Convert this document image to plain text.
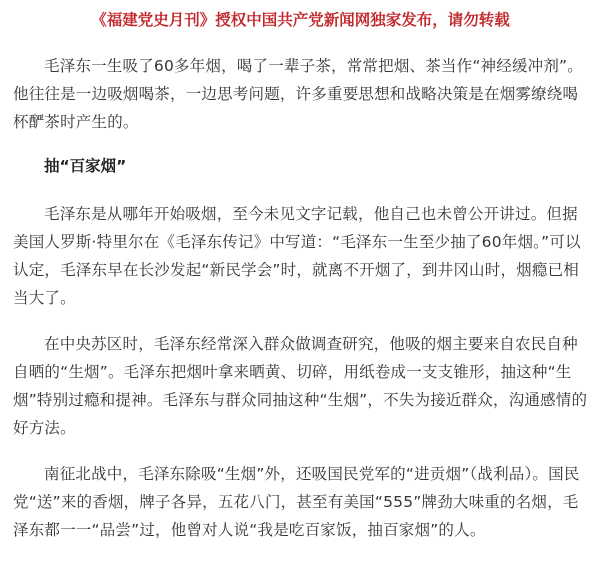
《福建党史月刊》授权中国共产党新闻网独家发布，请勿转载

毛泽东一生吸了60多年烟，喝了一辈子茶，常常把烟、茶当作“神经缓冲剂”。他往往是一边吸烟喝茶，一边思考问题，许多重要思想和战略决策是在烟雾缭绕喝杯酽茶时产生的。

抽“百家烟”

毛泽东是从哪年开始吸烟，至今未见文字记载，他自己也未曾公开讲过。但据美国人罗斯·特里尔在《毛泽东传记》中写道：“毛泽东一生至少抽了60年烟。”可以认定，毛泽东早在长沙发起“新民学会”时，就离不开烟了，到井冈山时，烟瘾已相当大了。

在中央苏区时，毛泽东经常深入群众做调查研究，他吸的烟主要来自农民自种自晒的“生烟”。毛泽东把烟叶拿来晒黄、切碎，用纸卷成一支支锥形，抽这种“生烟”特别过瘾和提神。毛泽东与群众同抽这种“生烟”，不失为接近群众，沟通感情的好方法。

南征北战中，毛泽东除吸“生烟”外，还吸国民党军的“进贡烟”（战利品）。国民党“送”来的香烟，牌子各异，五花八门，甚至有美国“555”牌劲大味重的名烟，毛泽东都一一“品尝”过，他曾对人说“我是吃百家饭，抽百家烟”的人。
